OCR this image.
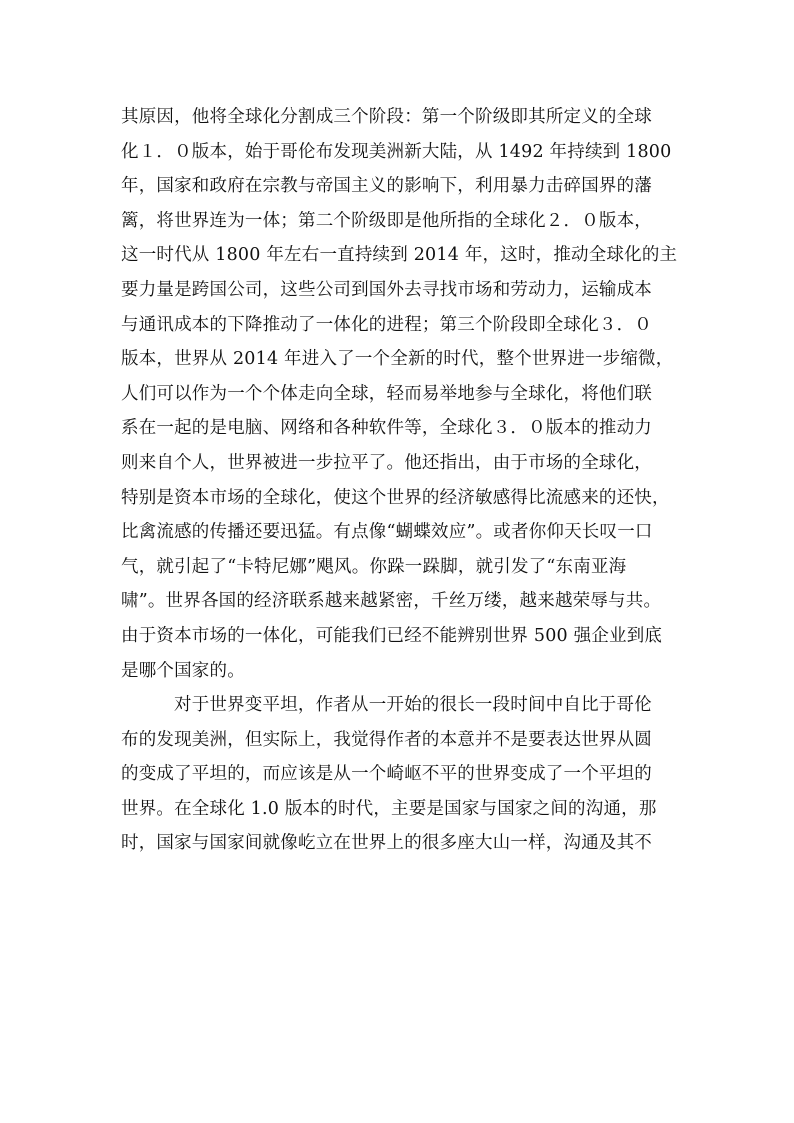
其原因，他将全球化分割成三个阶段：第一个阶级即其所定义的全球
化１．０版本，始于哥伦布发现美洲新大陆，从 1492 年持续到 1800
年，国家和政府在宗教与帝国主义的影响下，利用暴力击碎国界的藩
篱，将世界连为一体；第二个阶级即是他所指的全球化２．０版本，
这一时代从 1800 年左右一直持续到 2014 年，这时，推动全球化的主
要力量是跨国公司，这些公司到国外去寻找市场和劳动力，运输成本
与通讯成本的下降推动了一体化的进程；第三个阶段即全球化３．０
版本，世界从 2014 年进入了一个全新的时代，整个世界进一步缩微，
人们可以作为一个个体走向全球，轻而易举地参与全球化，将他们联
系在一起的是电脑、网络和各种软件等，全球化３．０版本的推动力
则来自个人，世界被进一步拉平了。他还指出，由于市场的全球化，
特别是资本市场的全球化，使这个世界的经济敏感得比流感来的还快，
比禽流感的传播还要迅猛。有点像“蝴蝶效应”。或者你仰天长叹一口
气，就引起了“卡特尼娜”飓风。你跺一跺脚，就引发了“东南亚海
啸”。世界各国的经济联系越来越紧密，千丝万缕，越来越荣辱与共。
由于资本市场的一体化，可能我们已经不能辨别世界 500 强企业到底
是哪个国家的。
对于世界变平坦，作者从一开始的很长一段时间中自比于哥伦
布的发现美洲，但实际上，我觉得作者的本意并不是要表达世界从圆
的变成了平坦的，而应该是从一个崎岖不平的世界变成了一个平坦的
世界。在全球化 1.0 版本的时代，主要是国家与国家之间的沟通，那
时，国家与国家间就像屹立在世界上的很多座大山一样，沟通及其不
